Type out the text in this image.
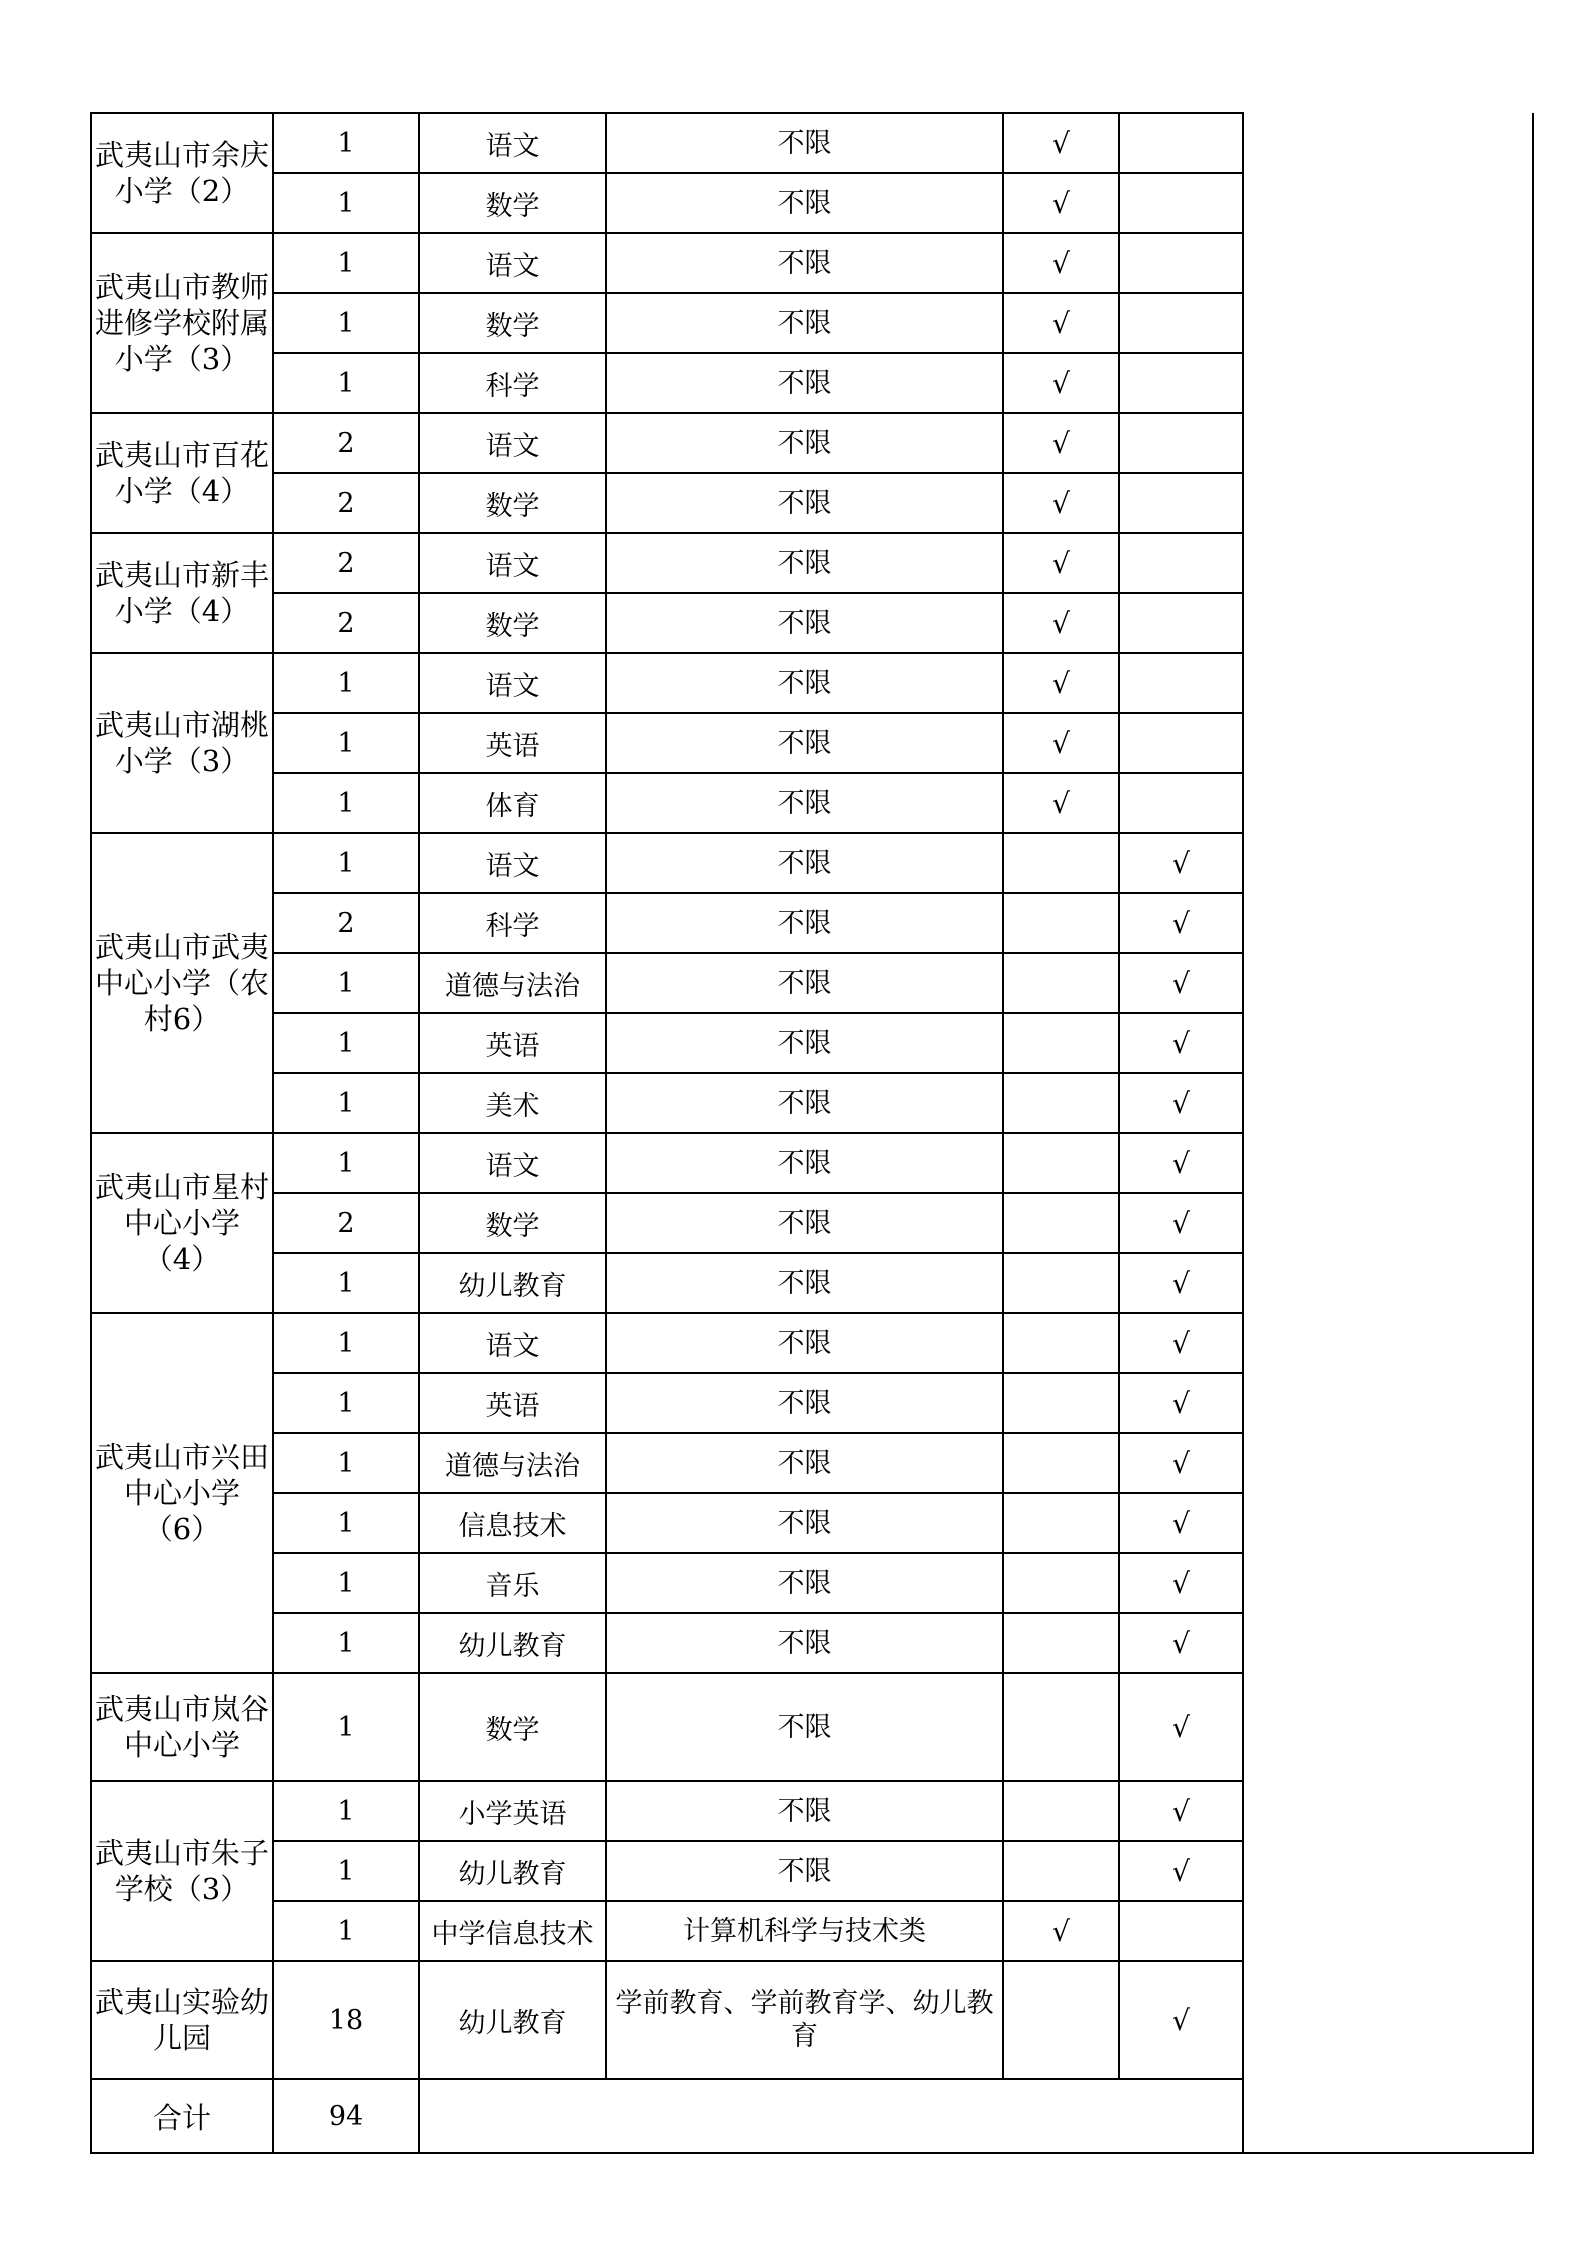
武夷山市余庆小学（2）	1	语文	不限	√		
	1	数学	不限	√		
武夷山市教师进修学校附属小学（3）	1	语文	不限	√		
	1	数学	不限	√		
	1	科学	不限	√		
武夷山市百花小学（4）	2	语文	不限	√		
	2	数学	不限	√		
武夷山市新丰小学（4）	2	语文	不限	√		
	2	数学	不限	√		
武夷山市湖桃小学（3）	1	语文	不限	√		
	1	英语	不限	√		
	1	体育	不限	√		
武夷山市武夷中心小学（农村6）	1	语文	不限		√	
	2	科学	不限		√	
	1	道德与法治	不限		√	
	1	英语	不限		√	
	1	美术	不限		√	
武夷山市星村中心小学（4）	1	语文	不限		√	
	2	数学	不限		√	
	1	幼儿教育	不限		√	
武夷山市兴田中心小学（6）	1	语文	不限		√	
	1	英语	不限		√	
	1	道德与法治	不限		√	
	1	信息技术	不限		√	
	1	音乐	不限		√	
	1	幼儿教育	不限		√	
武夷山市岚谷中心小学	1	数学	不限		√	
武夷山市朱子学校（3）	1	小学英语	不限		√	
	1	幼儿教育	不限		√	
	1	中学信息技术	计算机科学与技术类	√		
武夷山实验幼儿园	18	幼儿教育	学前教育、学前教育学、幼儿教育		√	
合计	94					
